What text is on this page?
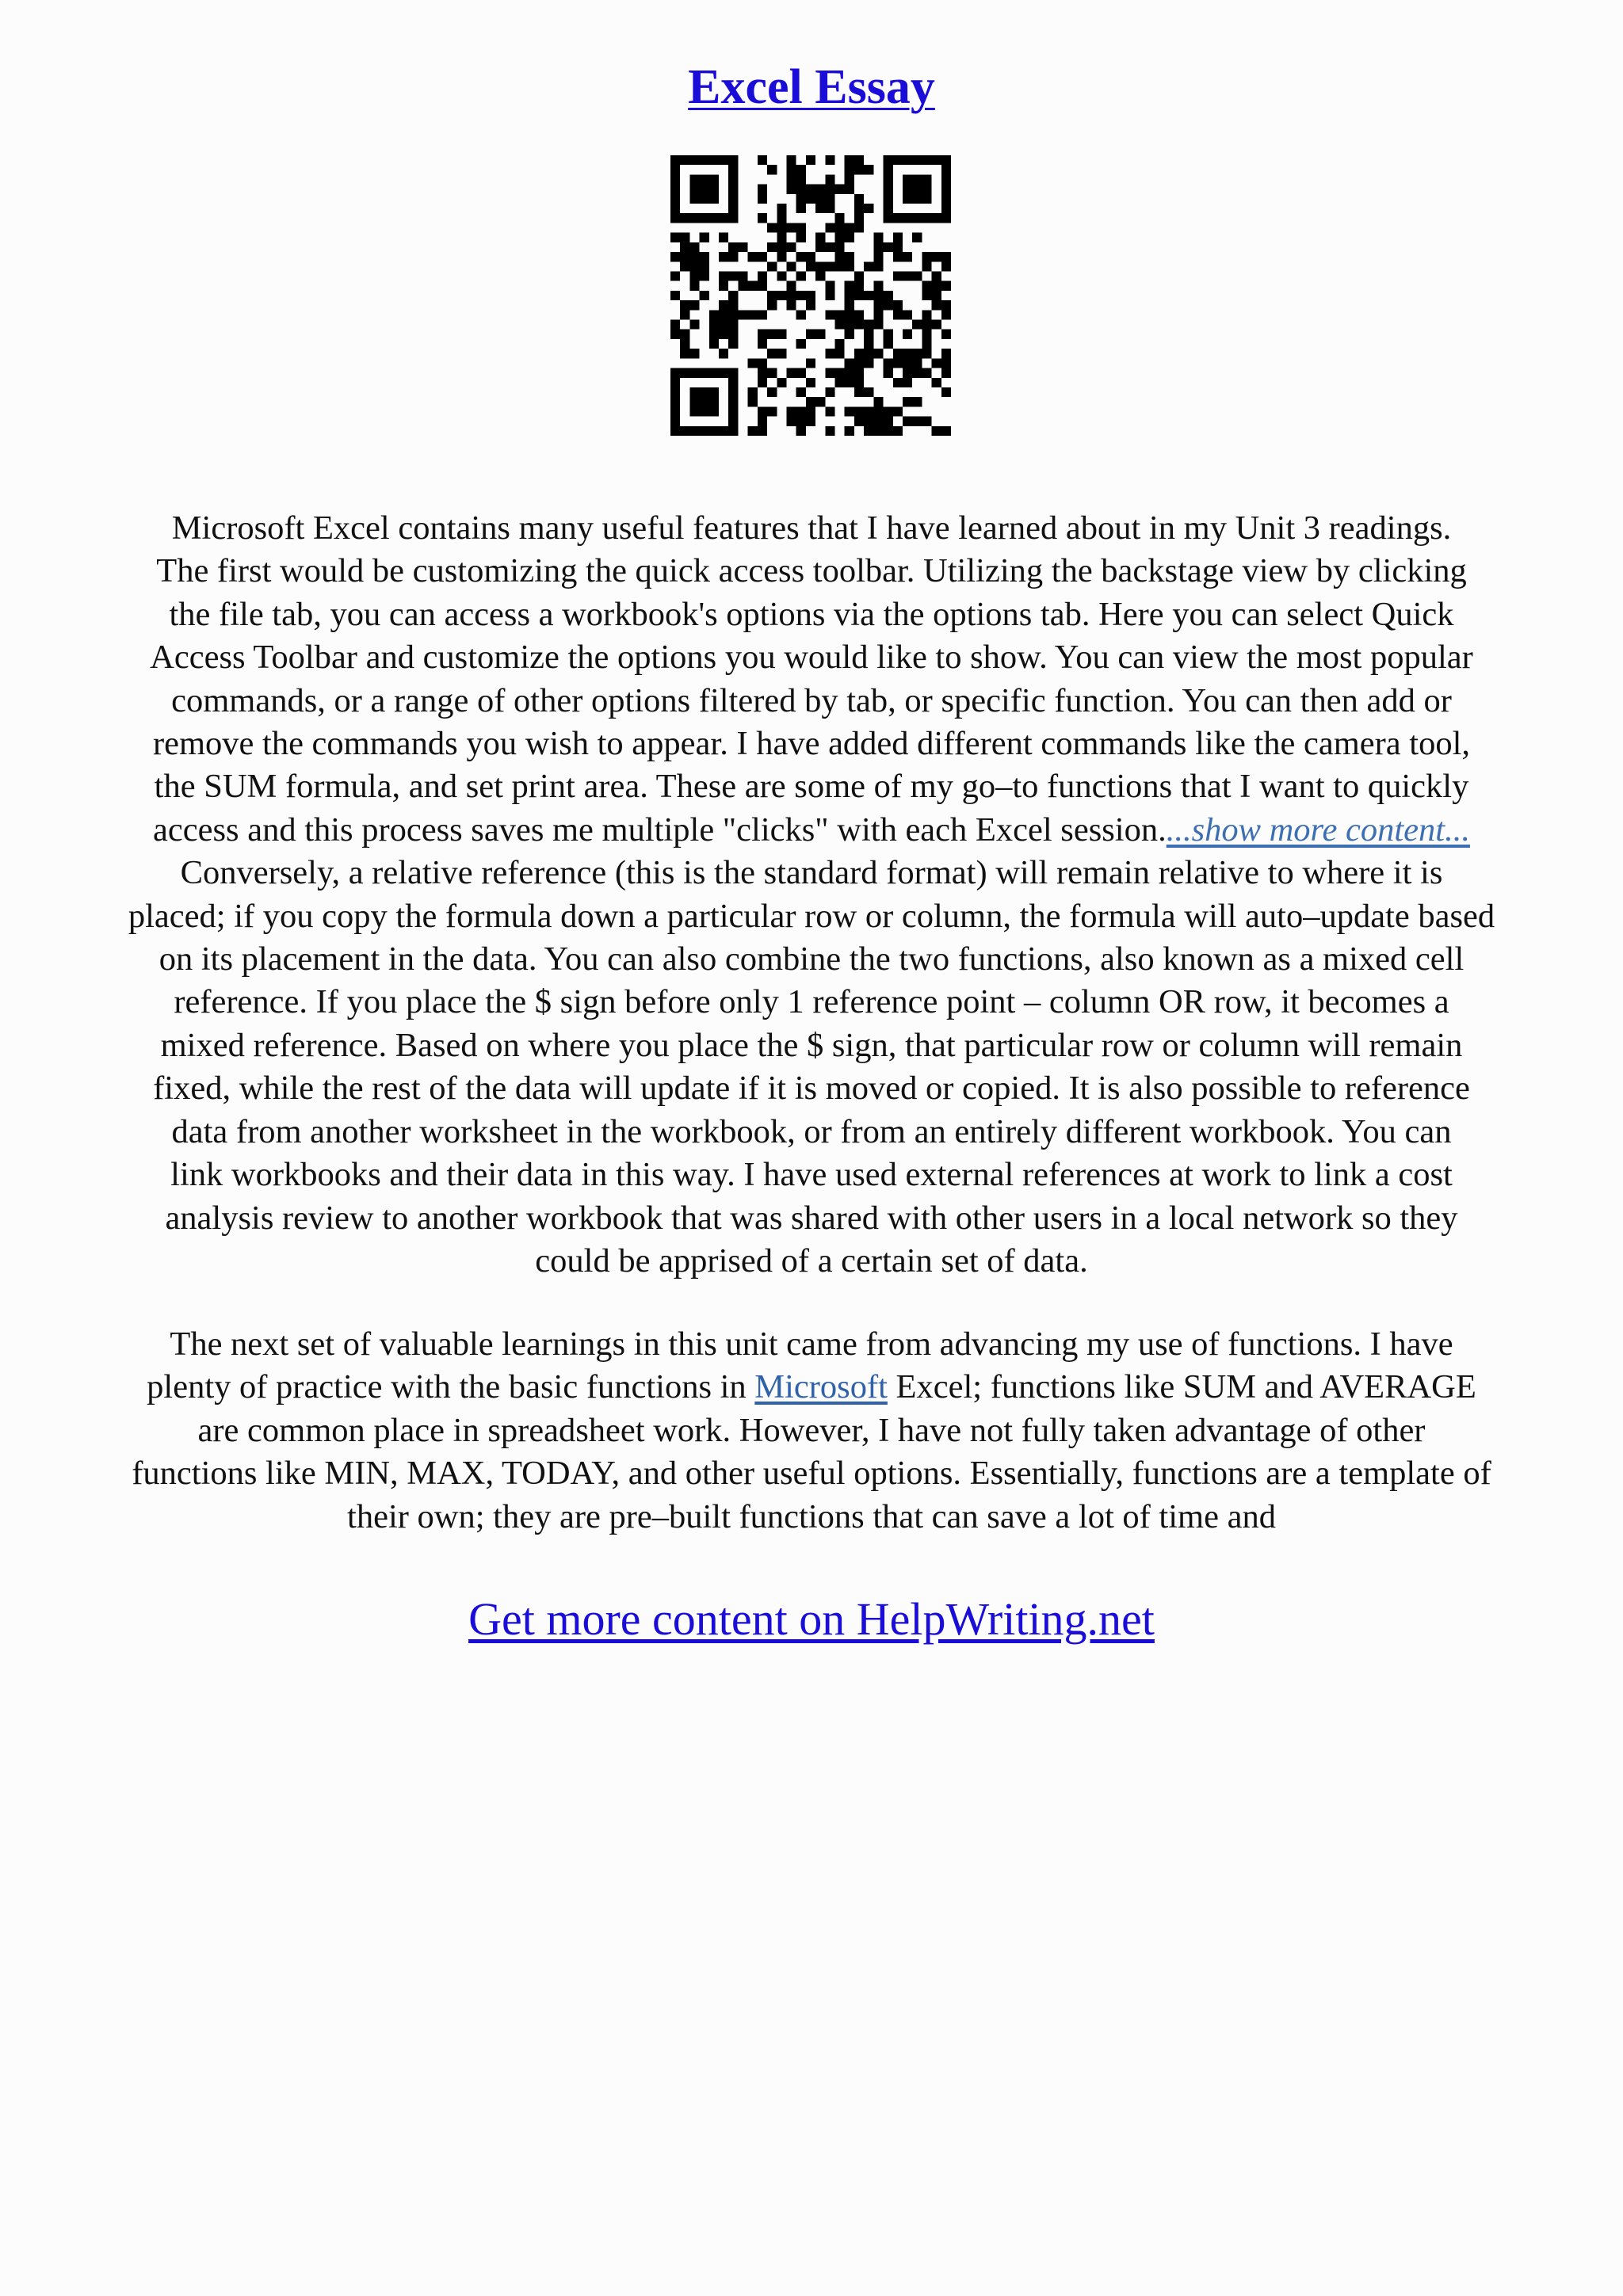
Excel Essay
Microsoft Excel contains many useful features that I have learned about in my Unit 3 readings.
The first would be customizing the quick access toolbar. Utilizing the backstage view by clicking
the file tab, you can access a workbook's options via the options tab. Here you can select Quick
Access Toolbar and customize the options you would like to show. You can view the most popular
commands, or a range of other options filtered by tab, or specific function. You can then add or
remove the commands you wish to appear. I have added different commands like the camera tool,
the SUM formula, and set print area. These are some of my go–to functions that I want to quickly
access and this process saves me multiple "clicks" with each Excel session....show more content...
Conversely, a relative reference (this is the standard format) will remain relative to where it is
placed; if you copy the formula down a particular row or column, the formula will auto–update based
on its placement in the data. You can also combine the two functions, also known as a mixed cell
reference. If you place the $ sign before only 1 reference point – column OR row, it becomes a
mixed reference. Based on where you place the $ sign, that particular row or column will remain
fixed, while the rest of the data will update if it is moved or copied. It is also possible to reference
data from another worksheet in the workbook, or from an entirely different workbook. You can
link workbooks and their data in this way. I have used external references at work to link a cost
analysis review to another workbook that was shared with other users in a local network so they
could be apprised of a certain set of data.
The next set of valuable learnings in this unit came from advancing my use of functions. I have
plenty of practice with the basic functions in Microsoft Excel; functions like SUM and AVERAGE
are common place in spreadsheet work. However, I have not fully taken advantage of other
functions like MIN, MAX, TODAY, and other useful options. Essentially, functions are a template of
their own; they are pre–built functions that can save a lot of time and
Get more content on HelpWriting.net
